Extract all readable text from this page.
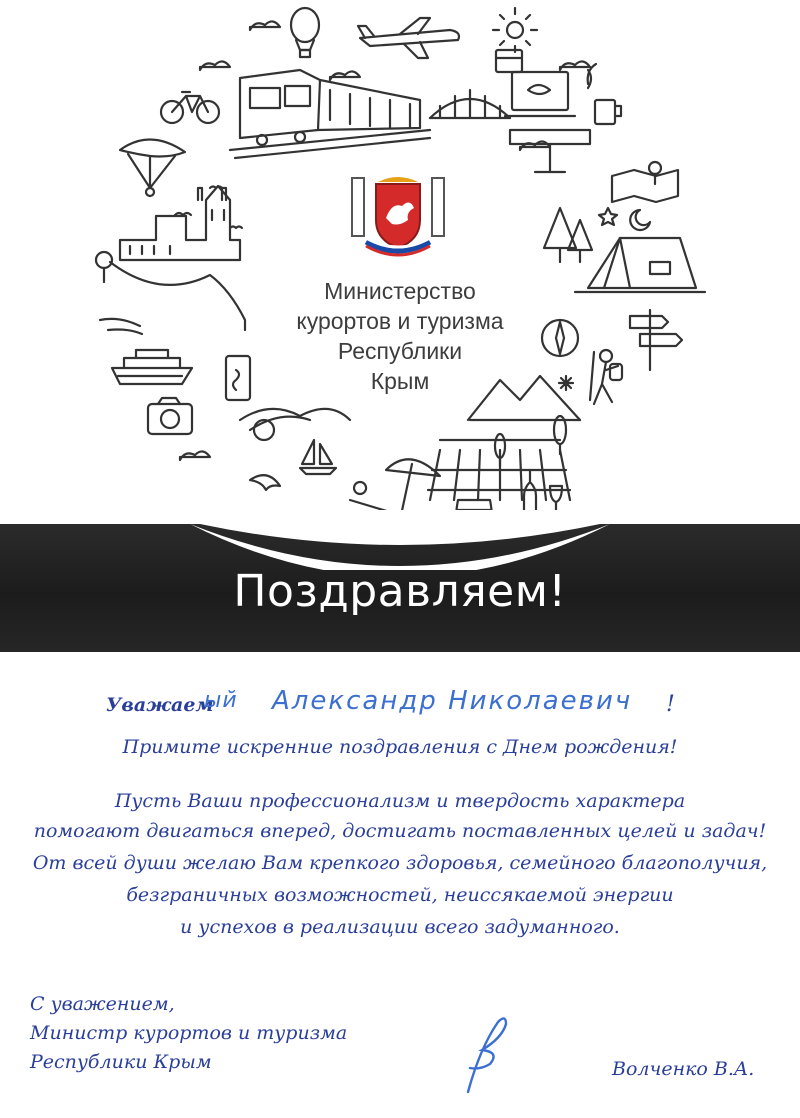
Министерство
курортов и туризма
Республики
Крым
Поздравляем!
Уважаем
ый Александр Николаевич !
Примите искренние поздравления с Днем рождения!
Пусть Ваши профессионализм и твердость характера
помогают двигаться вперед, достигать поставленных целей и задач!
От всей души желаю Вам крепкого здоровья, семейного благополучия,
безграничных возможностей, неиссякаемой энергии
и успехов в реализации всего задуманного.
С уважением,
Министр курортов и туризма
Республики Крым	Волченко В.А.
